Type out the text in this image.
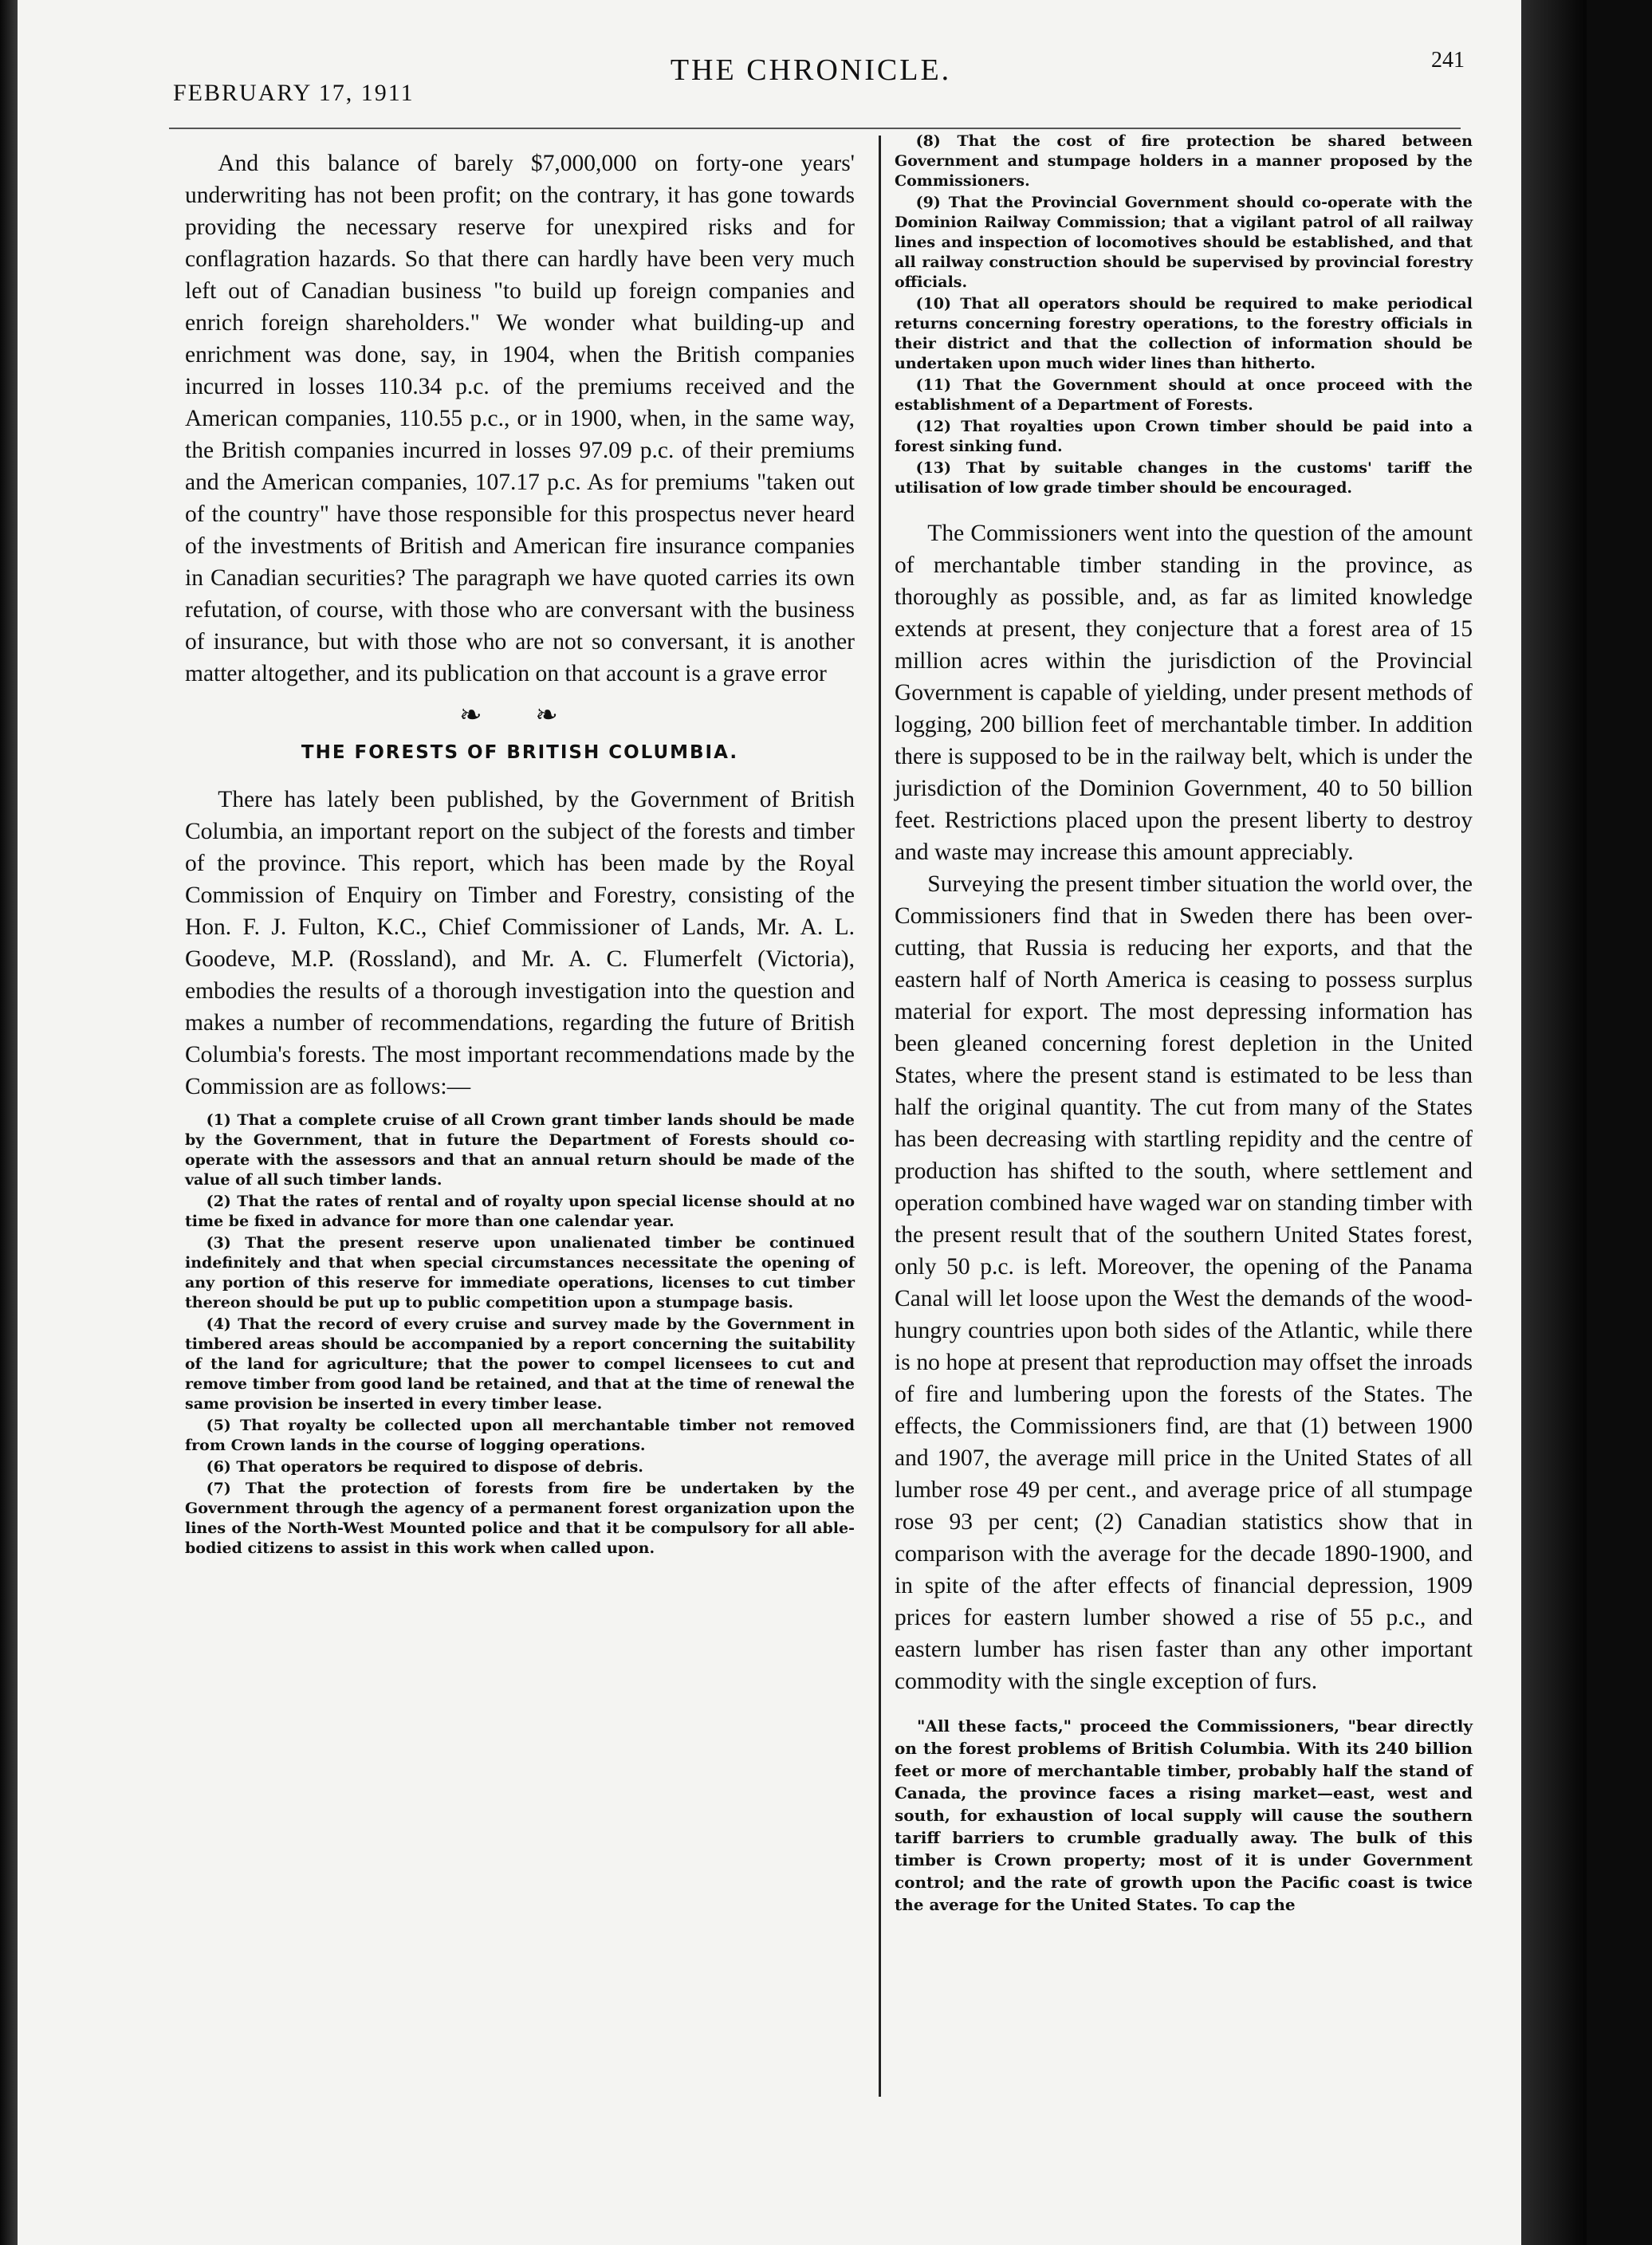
FEBRUARY 17, 1911
THE CHRONICLE.	241

And this balance of barely $7,000,000 on forty-one years' underwriting has not been profit; on the contrary, it has gone towards providing the necessary reserve for unexpired risks and for conflagration hazards. So that there can hardly have been very much left out of Canadian business "to build up foreign companies and enrich foreign shareholders." We wonder what building-up and enrichment was done, say, in 1904, when the British companies incurred in losses 110.34 p.c. of the premiums received and the American companies, 110.55 p.c., or in 1900, when, in the same way, the British companies incurred in losses 97.09 p.c. of their premiums and the American companies, 107.17 p.c. As for premiums "taken out of the country" have those responsible for this prospectus never heard of the investments of British and American fire insurance companies in Canadian securities? The paragraph we have quoted carries its own refutation, of course, with those who are conversant with the business of insurance, but with those who are not so conversant, it is another matter altogether, and its publication on that account is a grave error

❧ ❧
THE FORESTS OF BRITISH COLUMBIA.

There has lately been published, by the Government of British Columbia, an important report on the subject of the forests and timber of the province. This report, which has been made by the Royal Commission of Enquiry on Timber and Forestry, consisting of the Hon. F. J. Fulton, K.C., Chief Commissioner of Lands, Mr. A. L. Goodeve, M.P. (Rossland), and Mr. A. C. Flumerfelt (Victoria), embodies the results of a thorough investigation into the question and makes a number of recommendations, regarding the future of British Columbia's forests. The most important recommendations made by the Commission are as follows:—

(1) That a complete cruise of all Crown grant timber lands should be made by the Government, that in future the Department of Forests should co-operate with the assessors and that an annual return should be made of the value of all such timber lands.

(2) That the rates of rental and of royalty upon special license should at no time be fixed in advance for more than one calendar year.

(3) That the present reserve upon unalienated timber be continued indefinitely and that when special circumstances necessitate the opening of any portion of this reserve for immediate operations, licenses to cut timber thereon should be put up to public competition upon a stumpage basis.

(4) That the record of every cruise and survey made by the Government in timbered areas should be accompanied by a report concerning the suitability of the land for agriculture; that the power to compel licensees to cut and remove timber from good land be retained, and that at the time of renewal the same provision be inserted in every timber lease.

(5) That royalty be collected upon all merchantable timber not removed from Crown lands in the course of logging operations.

(6) That operators be required to dispose of debris.

(7) That the protection of forests from fire be undertaken by the Government through the agency of a permanent forest organization upon the lines of the North-West Mounted police and that it be compulsory for all able-bodied citizens to assist in this work when called upon.

(8) That the cost of fire protection be shared between Government and stumpage holders in a manner proposed by the Commissioners.

(9) That the Provincial Government should co-operate with the Dominion Railway Commission; that a vigilant patrol of all railway lines and inspection of locomotives should be established, and that all railway construction should be supervised by provincial forestry officials.

(10) That all operators should be required to make periodical returns concerning forestry operations, to the forestry officials in their district and that the collection of information should be undertaken upon much wider lines than hitherto.

(11) That the Government should at once proceed with the establishment of a Department of Forests.

(12) That royalties upon Crown timber should be paid into a forest sinking fund.

(13) That by suitable changes in the customs' tariff the utilisation of low grade timber should be encouraged.

The Commissioners went into the question of the amount of merchantable timber standing in the province, as thoroughly as possible, and, as far as limited knowledge extends at present, they conjecture that a forest area of 15 million acres within the jurisdiction of the Provincial Government is capable of yielding, under present methods of logging, 200 billion feet of merchantable timber. In addition there is supposed to be in the railway belt, which is under the jurisdiction of the Dominion Government, 40 to 50 billion feet. Restrictions placed upon the present liberty to destroy and waste may increase this amount appreciably.

Surveying the present timber situation the world over, the Commissioners find that in Sweden there has been over-cutting, that Russia is reducing her exports, and that the eastern half of North America is ceasing to possess surplus material for export. The most depressing information has been gleaned concerning forest depletion in the United States, where the present stand is estimated to be less than half the original quantity. The cut from many of the States has been decreasing with startling repidity and the centre of production has shifted to the south, where settlement and operation combined have waged war on standing timber with the present result that of the southern United States forest, only 50 p.c. is left. Moreover, the opening of the Panama Canal will let loose upon the West the demands of the wood-hungry countries upon both sides of the Atlantic, while there is no hope at present that reproduction may offset the inroads of fire and lumbering upon the forests of the States. The effects, the Commissioners find, are that (1) between 1900 and 1907, the average mill price in the United States of all lumber rose 49 per cent., and average price of all stumpage rose 93 per cent; (2) Canadian statistics show that in comparison with the average for the decade 1890-1900, and in spite of the after effects of financial depression, 1909 prices for eastern lumber showed a rise of 55 p.c., and eastern lumber has risen faster than any other important commodity with the single exception of furs.

"All these facts," proceed the Commissioners, "bear directly on the forest problems of British Columbia. With its 240 billion feet or more of merchantable timber, probably half the stand of Canada, the province faces a rising market—east, west and south, for exhaustion of local supply will cause the southern tariff barriers to crumble gradually away. The bulk of this timber is Crown property; most of it is under Government control; and the rate of growth upon the Pacific coast is twice the average for the United States. To cap the
